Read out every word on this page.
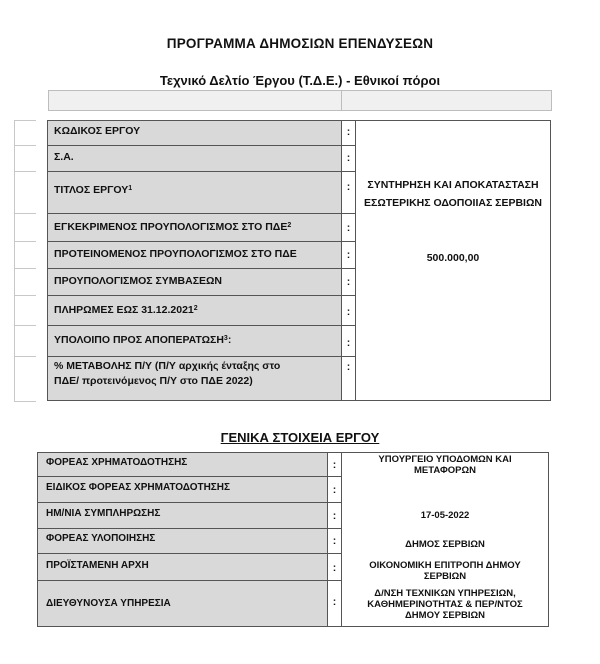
ΠΡΟΓΡΑΜΜΑ ΔΗΜΟΣΙΩΝ ΕΠΕΝΔΥΣΕΩΝ
Τεχνικό Δελτίο Έργου (Τ.Δ.Ε.) - Εθνικοί πόροι
ΚΩΔΙΚΟΣ ΕΡΓΟΥ
Σ.Α.
ΤΙΤΛΟΣ ΕΡΓΟΥ$^1$
ΕΓΚΕΚΡΙΜΕΝΟΣ ΠΡΟΥΠΟΛΟΓΙΣΜΟΣ ΣΤΟ ΠΔΕ$^2$
ΠΡΟΤΕΙΝΟΜΕΝΟΣ ΠΡΟΥΠΟΛΟΓΙΣΜΟΣ ΣΤΟ ΠΔΕ
ΠΡΟΥΠΟΛΟΓΙΣΜΟΣ ΣΥΜΒΑΣΕΩΝ
ΠΛΗΡΩΜΕΣ ΕΩΣ 31.12.2021$^2$
ΥΠΟΛΟΙΠΟ ΠΡΟΣ ΑΠΟΠΕΡΑΤΩΣΗ$^3$:
% ΜΕΤΑΒΟΛΗΣ Π/Υ (Π/Υ αρχικής ένταξης στο
ΠΔΕ/ προτεινόμενος Π/Υ στο ΠΔΕ 2022)
:
:
:
:
:
:
:
:
:
ΣΥΝΤΗΡΗΣΗ ΚΑΙ ΑΠΟΚΑΤΑΣΤΑΣΗ
ΕΣΩΤΕΡΙΚΗΣ ΟΔΟΠΟΙΙΑΣ ΣΕΡΒΙΩΝ
500.000,00
ΓΕΝΙΚΑ ΣΤΟΙΧΕΙΑ ΕΡΓΟΥ
ΦΟΡΕΑΣ ΧΡΗΜΑΤΟΔΟΤΗΣΗΣ
ΕΙΔΙΚΟΣ ΦΟΡΕΑΣ ΧΡΗΜΑΤΟΔΟΤΗΣΗΣ
ΗΜ/ΝΙΑ ΣΥΜΠΛΗΡΩΣΗΣ
ΦΟΡΕΑΣ ΥΛΟΠΟΙΗΣΗΣ
ΠΡΟΪΣΤΑΜΕΝΗ ΑΡΧΗ
ΔΙΕΥΘΥΝΟΥΣΑ ΥΠΗΡΕΣΙΑ
:
:
:
:
:
:
ΥΠΟΥΡΓΕΙΟ ΥΠΟΔΟΜΩΝ ΚΑΙ
ΜΕΤΑΦΟΡΩΝ
17-05-2022
ΔΗΜΟΣ ΣΕΡΒΙΩΝ
ΟΙΚΟΝΟΜΙΚΗ ΕΠΙΤΡΟΠΗ ΔΗΜΟΥ
ΣΕΡΒΙΩΝ
Δ/ΝΣΗ ΤΕΧΝΙΚΩΝ ΥΠΗΡΕΣΙΩΝ,
ΚΑΘΗΜΕΡΙΝΟΤΗΤΑΣ & ΠΕΡ/ΝΤΟΣ
ΔΗΜΟΥ ΣΕΡΒΙΩΝ
